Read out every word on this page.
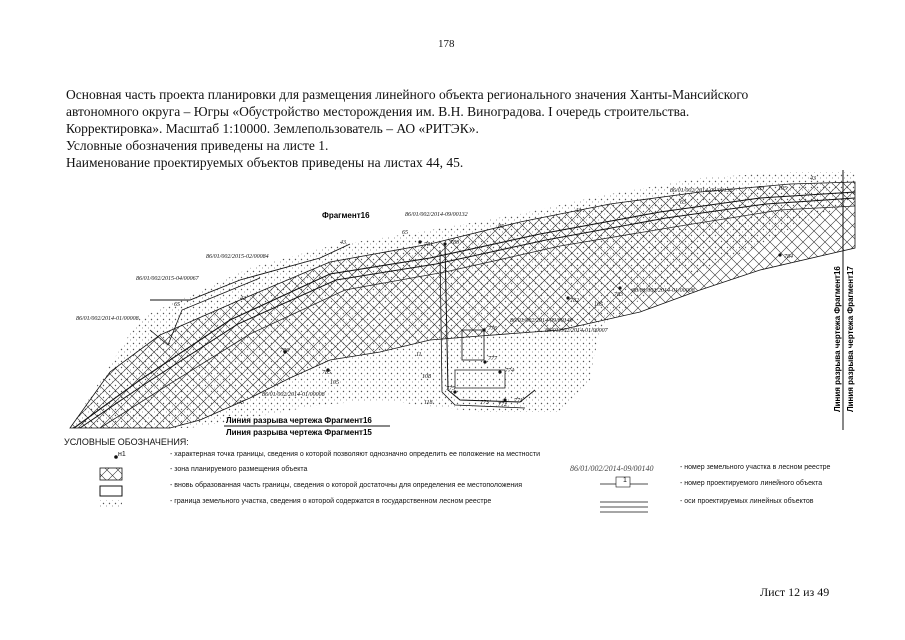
178
Основная часть проекта планировки для размещения линейного объекта регионального значения Ханты-Мансийского
автономного округа – Югры «Обустройство месторождения им. В.Н. Виноградова. I очередь строительства.
Корректировка». Масштаб 1:10000. Землепользователь – АО «РИТЭК».
Условные обозначения приведены на листе 1.
Наименование проектируемых объектов приведены на листах 44, 45.
86/01/002/2014-09/00132
86/01/002/2014-09/00132
86/01/002/2015-02/00084
86/01/002/2015-04/00067
86/01/002/2014-01/00008
86/01/002/2014-01/00008
86/01/002/2014-09/00140
86/01/002/2014-01/00007
86/01/002/2014-01/00008
43
85 105
65
43
65
43
85
65	105
43
105
118
108
11
43
784
783
782
780
781
786
785
776
777
775
774
773 772
771
Фрагмент16
Линия разрыва чертежа Фрагмент16
Линия разрыва чертежа Фрагмент15
Линия разрыва чертежа Фрагмент16 Линия разрыва чертежа Фрагмент17
УСЛОВНЫЕ ОБОЗНАЧЕНИЯ:
н1	- характерная точка границы, сведения о которой позволяют однозначно определить ее положение на местности
- зона планируемого размещения объекта
- вновь образованная часть границы, сведения о которой достаточны для определения ее местоположения
- граница земельного участка, сведения о которой содержатся в государственном лесном реестре
86/01/002/2014-09/00140	- номер земельного участка в лесном реестре
1	- номер проектируемого линейного объекта
- оси проектируемых линейных объектов
Лист 12 из 49
